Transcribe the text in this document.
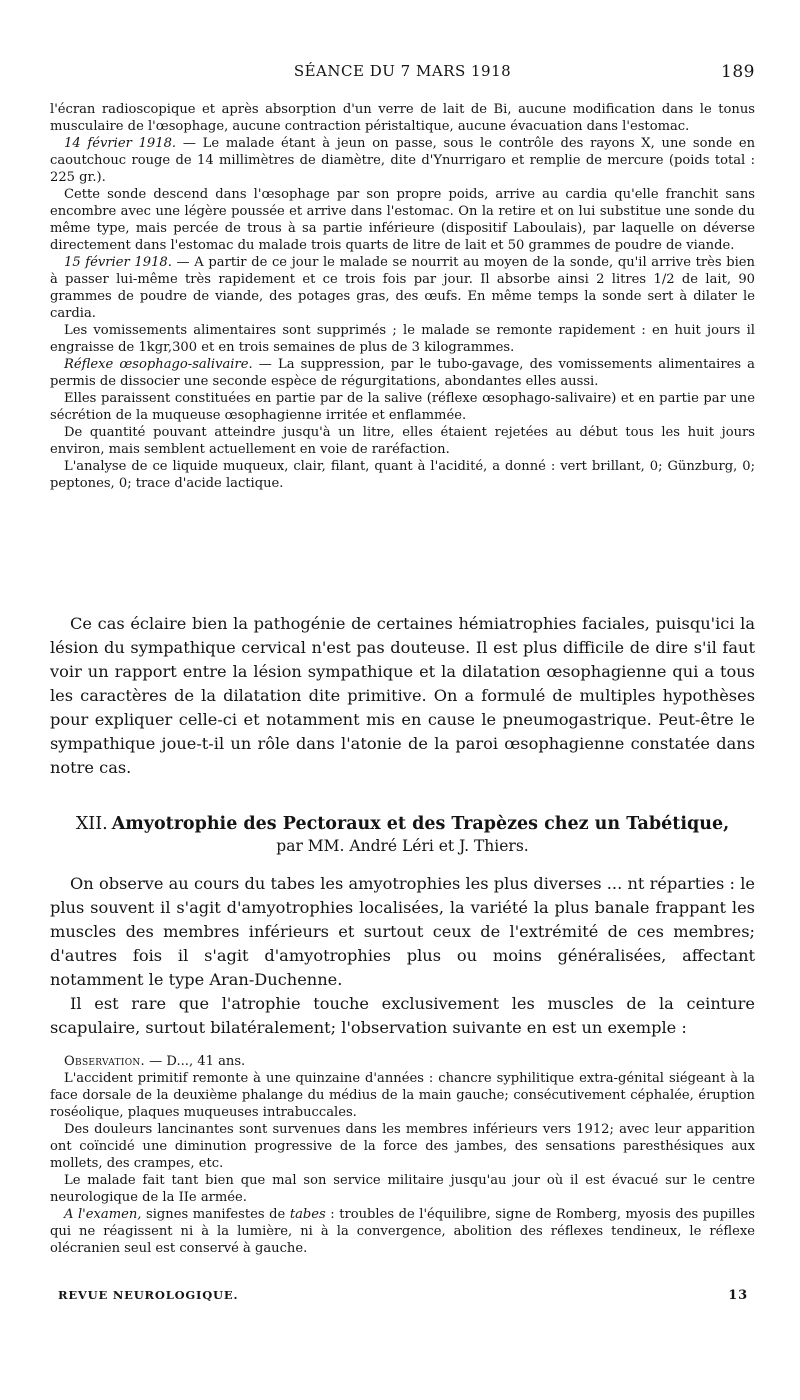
SÉANCE DU 7 MARS 1918	189

l'écran radioscopique et après absorption d'un verre de lait de Bi, aucune modification dans le tonus musculaire de l'œsophage, aucune contraction péristaltique, aucune évacuation dans l'estomac.

14 février 1918. — Le malade étant à jeun on passe, sous le contrôle des rayons X, une sonde en caoutchouc rouge de 14 millimètres de diamètre, dite d'Ynurrigaro et remplie de mercure (poids total : 225 gr.).

Cette sonde descend dans l'œsophage par son propre poids, arrive au cardia qu'elle franchit sans encombre avec une légère poussée et arrive dans l'estomac. On la retire et on lui substitue une sonde du même type, mais percée de trous à sa partie inférieure (dispositif Laboulais), par laquelle on déverse directement dans l'estomac du malade trois quarts de litre de lait et 50 grammes de poudre de viande.

15 février 1918. — A partir de ce jour le malade se nourrit au moyen de la sonde, qu'il arrive très bien à passer lui-même très rapidement et ce trois fois par jour. Il absorbe ainsi 2 litres 1/2 de lait, 90 grammes de poudre de viande, des potages gras, des œufs. En même temps la sonde sert à dilater le cardia.

Les vomissements alimentaires sont supprimés ; le malade se remonte rapidement : en huit jours il engraisse de 1kgr,300 et en trois semaines de plus de 3 kilogrammes.

Réflexe œsophago-salivaire. — La suppression, par le tubo-gavage, des vomissements alimentaires a permis de dissocier une seconde espèce de régurgitations, abondantes elles aussi.

Elles paraissent constituées en partie par de la salive (réflexe œsophago-salivaire) et en partie par une sécrétion de la muqueuse œsophagienne irritée et enflammée.

De quantité pouvant atteindre jusqu'à un litre, elles étaient rejetées au début tous les huit jours environ, mais semblent actuellement en voie de raréfaction.

L'analyse de ce liquide muqueux, clair, filant, quant à l'acidité, a donné : vert brillant, 0; Günzburg, 0; peptones, 0; trace d'acide lactique.

Ce cas éclaire bien la pathogénie de certaines hémiatrophies faciales, puisqu'ici la lésion du sympathique cervical n'est pas douteuse. Il est plus difficile de dire s'il faut voir un rapport entre la lésion sympathique et la dilatation œsophagienne qui a tous les caractères de la dilatation dite primitive. On a formulé de multiples hypothèses pour expliquer celle-ci et notamment mis en cause le pneumogastrique. Peut-être le sympathique joue-t-il un rôle dans l'atonie de la paroi œsophagienne constatée dans notre cas.

XII. Amyotrophie des Pectoraux et des Trapèzes chez un Tabétique,
par MM. André Léri et J. Thiers.

On observe au cours du tabes les amyotrophies les plus diverses ... nt réparties : le plus souvent il s'agit d'amyotrophies localisées, la variété la plus banale frappant les muscles des membres inférieurs et surtout ceux de l'extrémité de ces membres; d'autres fois il s'agit d'amyotrophies plus ou moins généralisées, affectant notamment le type Aran-Duchenne.

Il est rare que l'atrophie touche exclusivement les muscles de la ceinture scapulaire, surtout bilatéralement; l'observation suivante en est un exemple :

Observation. — D..., 41 ans.

L'accident primitif remonte à une quinzaine d'années : chancre syphilitique extra-génital siégeant à la face dorsale de la deuxième phalange du médius de la main gauche; consécutivement céphalée, éruption roséolique, plaques muqueuses intrabuccales.

Des douleurs lancinantes sont survenues dans les membres inférieurs vers 1912; avec leur apparition ont coïncidé une diminution progressive de la force des jambes, des sensations paresthésiques aux mollets, des crampes, etc.

Le malade fait tant bien que mal son service militaire jusqu'au jour où il est évacué sur le centre neurologique de la IIe armée.

A l'examen, signes manifestes de tabes : troubles de l'équilibre, signe de Romberg, myosis des pupilles qui ne réagissent ni à la lumière, ni à la convergence, abolition des réflexes tendineux, le réflexe olécranien seul est conservé à gauche.

REVUE NEUROLOGIQUE.	13
